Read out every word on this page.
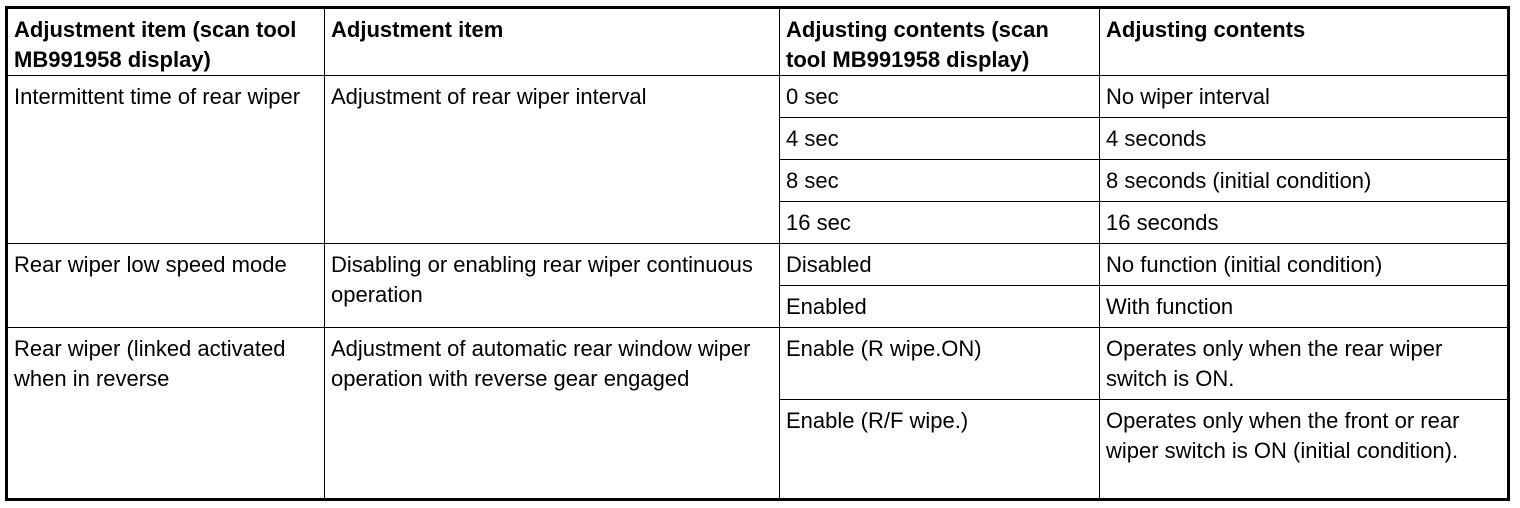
Adjustment item (scan tool MB991958 display)	Adjustment item	Adjusting contents (scan tool MB991958 display)	Adjusting contents
Intermittent time of rear wiper	Adjustment of rear wiper interval	0 sec	No wiper interval
		4 sec	4 seconds
		8 sec	8 seconds (initial condition)
		16 sec	16 seconds
Rear wiper low speed mode	Disabling or enabling rear wiper continuous operation	Disabled	No function (initial condition)
		Enabled	With function
Rear wiper (linked activated when in reverse	Adjustment of automatic rear window wiper operation with reverse gear engaged	Enable (R wipe.ON)	Operates only when the rear wiper switch is ON.
		Enable (R/F wipe.)	Operates only when the front or rear wiper switch is ON (initial condition).
